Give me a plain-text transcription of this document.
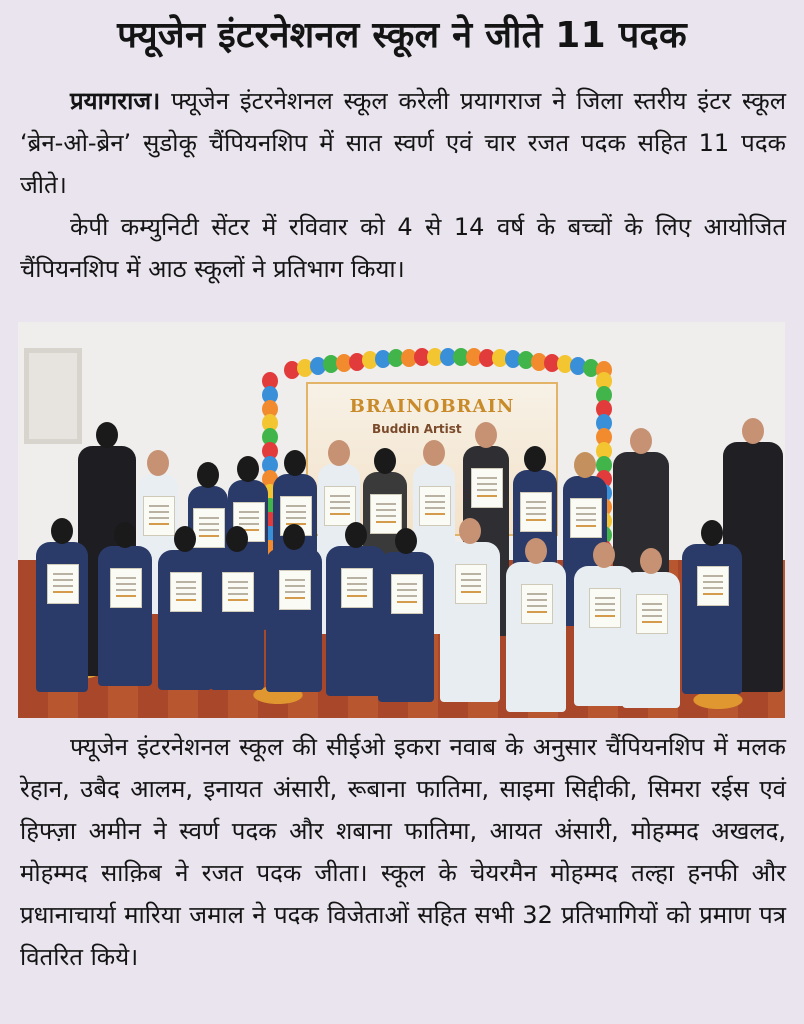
फ्यूजेन इंटरनेशनल स्कूल ने जीते 11 पदक

प्रयागराज। फ्यूजेन इंटरनेशनल स्कूल करेली प्रयागराज ने जिला स्तरीय इंटर स्कूल ‘ब्रेन-ओ-ब्रेन’ सुडोकू चैंपियनशिप में सात स्वर्ण एवं चार रजत पदक सहित 11 पदक जीते।

केपी कम्युनिटी सेंटर में रविवार को 4 से 14 वर्ष के बच्चों के लिए आयोजित चैंपियनशिप में आठ स्कूलों ने प्रतिभाग किया।

BRAINOBRAIN
Buddin Artist

फ्यूजेन इंटरनेशनल स्कूल की सीईओ इकरा नवाब के अनुसार चैंपियनशिप में मलक रेहान, उबैद आलम, इनायत अंसारी, रूबाना फातिमा, साइमा सिद्दीकी, सिमरा रईस एवं हिफ्ज़ा अमीन ने स्वर्ण पदक और शबाना फातिमा, आयत अंसारी, मोहम्मद अखलद, मोहम्मद साक़िब ने रजत पदक जीता। स्कूल के चेयरमैन मोहम्मद तल्हा हनफी और प्रधानाचार्या मारिया जमाल ने पदक विजेताओं सहित सभी 32 प्रतिभागियों को प्रमाण पत्र वितरित किये।
